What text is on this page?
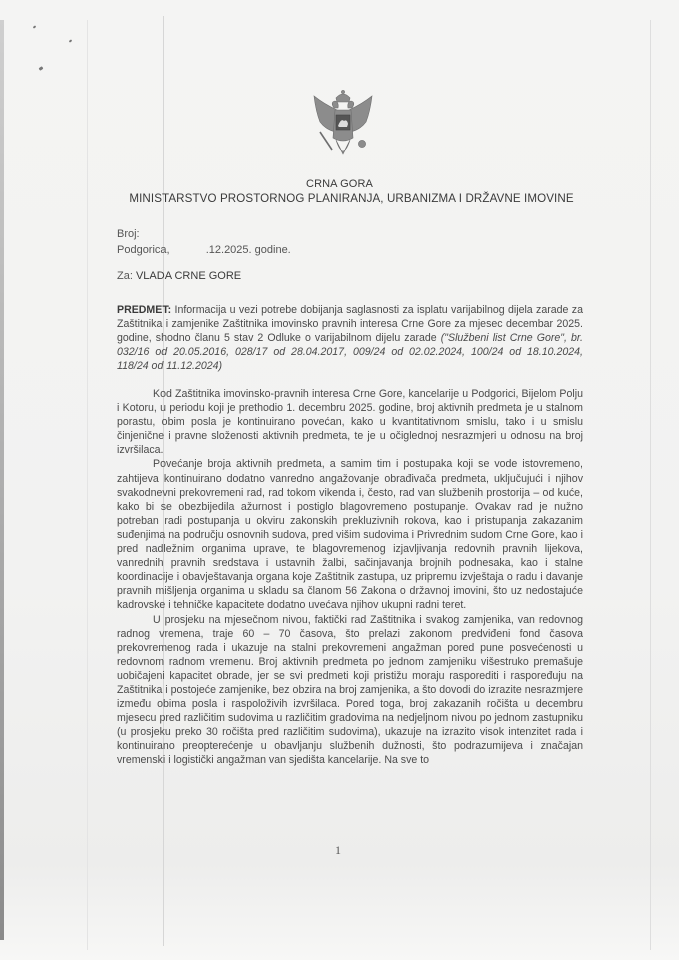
CRNA GORA
MINISTARSTVO PROSTORNOG PLANIRANJA, URBANIZMA I DRŽAVNE IMOVINE
Broj:
Podgorica,	.12.2025. godine.
Za: VLADA CRNE GORE

PREDMET: Informacija u vezi potrebe dobijanja saglasnosti za isplatu varijabilnog dijela zarade za Zaštitnika i zamjenike Zaštitnika imovinsko pravnih interesa Crne Gore za mjesec decembar 2025. godine, shodno članu 5 stav 2 Odluke o varijabilnom dijelu zarade ("Službeni list Crne Gore", br. 032/16 od 20.05.2016, 028/17 od 28.04.2017, 009/24 od 02.02.2024, 100/24 od 18.10.2024, 118/24 od 11.12.2024)

Kod Zaštitnika imovinsko-pravnih interesa Crne Gore, kancelarije u Podgorici, Bijelom Polju i Kotoru, u periodu koji je prethodio 1. decembru 2025. godine, broj aktivnih predmeta je u stalnom porastu, obim posla je kontinuirano povećan, kako u kvantitativnom smislu, tako i u smislu činjenične i pravne složenosti aktivnih predmeta, te je u očiglednoj nesrazmjeri u odnosu na broj izvršilaca.

Povećanje broja aktivnih predmeta, a samim tim i postupaka koji se vode istovremeno, zahtijeva kontinuirano dodatno vanredno angažovanje obrađivača predmeta, uključujući i njihov svakodnevni prekovremeni rad, rad tokom vikenda i, često, rad van službenih prostorija – od kuće, kako bi se obezbijedila ažurnost i postiglo blagovremeno postupanje. Ovakav rad je nužno potreban radi postupanja u okviru zakonskih prekluzivnih rokova, kao i pristupanja zakazanim suđenjima na području osnovnih sudova, pred višim sudovima i Privrednim sudom Crne Gore, kao i pred nadležnim organima uprave, te blagovremenog izjavljivanja redovnih pravnih lijekova, vanrednih pravnih sredstava i ustavnih žalbi, sačinjavanja brojnih podnesaka, kao i stalne koordinacije i obavještavanja organa koje Zaštitnik zastupa, uz pripremu izvještaja o radu i davanje pravnih mišljenja organima u skladu sa članom 56 Zakona o državnoj imovini, što uz nedostajuće kadrovske i tehničke kapacitete dodatno uvećava njihov ukupni radni teret.

U prosjeku na mjesečnom nivou, faktički rad Zaštitnika i svakog zamjenika, van redovnog radnog vremena, traje 60 – 70 časova, što prelazi zakonom predviđeni fond časova prekovremenog rada i ukazuje na stalni prekovremeni angažman pored pune posvećenosti u redovnom radnom vremenu. Broj aktivnih predmeta po jednom zamjeniku višestruko premašuje uobičajeni kapacitet obrade, jer se svi predmeti koji pristižu moraju rasporediti i raspoređuju na Zaštitnika i postojeće zamjenike, bez obzira na broj zamjenika, a što dovodi do izrazite nesrazmjere između obima posla i raspoloživih izvršilaca. Pored toga, broj zakazanih ročišta u decembru mjesecu pred različitim sudovima u različitim gradovima na nedjeljnom nivou po jednom zastupniku (u prosjeku preko 30 ročišta pred različitim sudovima), ukazuje na izrazito visok intenzitet rada i kontinuirano preopterećenje u obavljanju službenih dužnosti, što podrazumijeva i značajan vremenski i logistički angažman van sjedišta kancelarije. Na sve to

1
